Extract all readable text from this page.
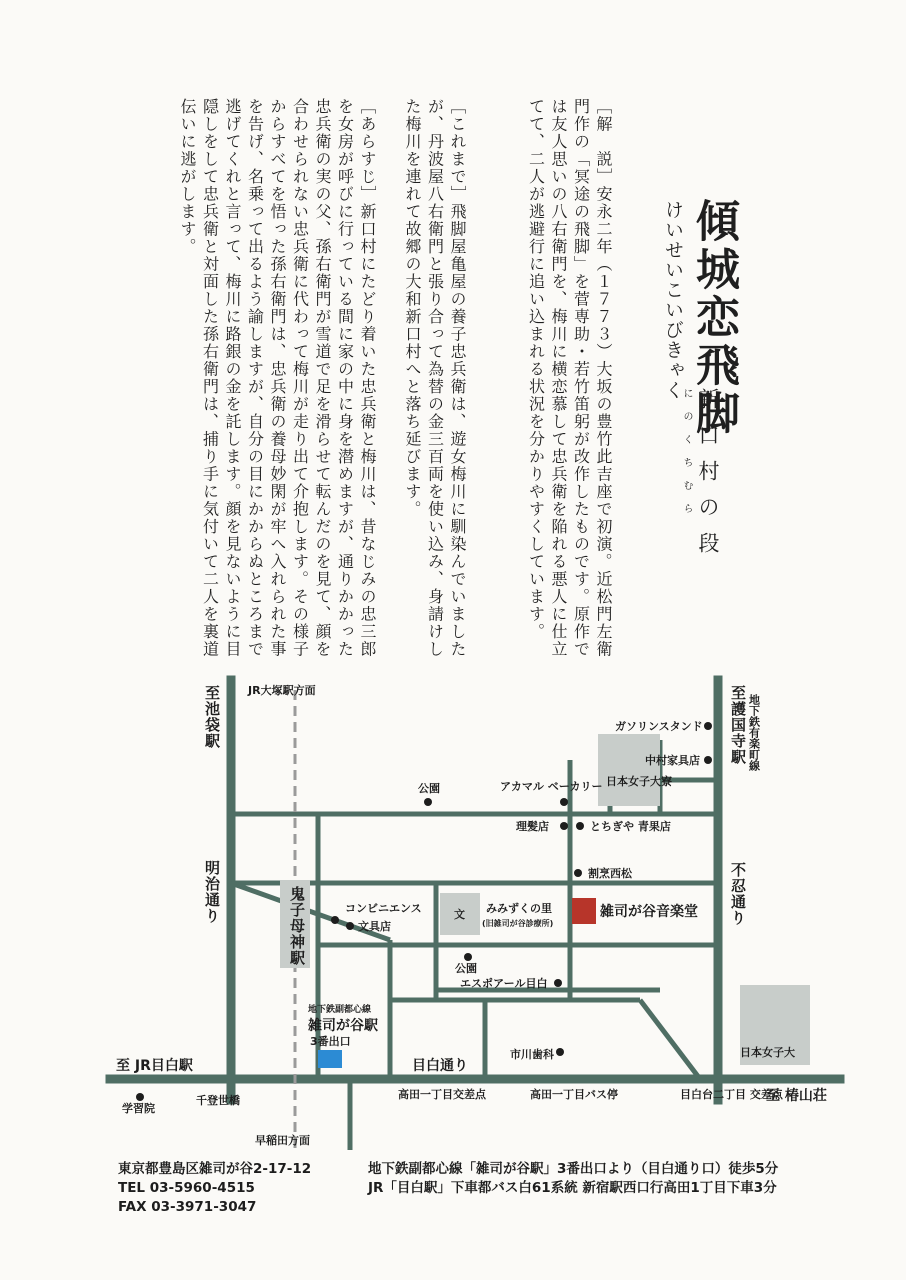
けいせいこいびきゃく 傾城恋飛脚
新口村の段
にのくちむら
［解　説］安永二年（１７７３）大坂の豊竹此吉座で初演。近松門左衛門作の「冥途の飛脚」を菅専助・若竹笛躬が改作したものです。原作では友人思いの八右衛門を、梅川に横恋慕して忠兵衛を陥れる悪人に仕立てて、二人が逃避行に追い込まれる状況を分かりやすくしています。
［これまで］飛脚屋亀屋の養子忠兵衛は、遊女梅川に馴染んでいましたが、丹波屋八右衛門と張り合って為替の金三百両を使い込み、身請けした梅川を連れて故郷の大和新口村へと落ち延びます。
［あらすじ］新口村にたどり着いた忠兵衛と梅川は、昔なじみの忠三郎を女房が呼びに行っている間に家の中に身を潜めますが、通りかかった忠兵衛の実の父、孫右衛門が雪道で足を滑らせて転んだのを見て、顔を合わせられない忠兵衛に代わって梅川が走り出て介抱します。その様子からすべてを悟った孫右衛門は、忠兵衛の養母妙閑が牢へ入れられた事を告げ、名乗って出るよう諭しますが、自分の目にかからぬところまで逃げてくれと言って、梅川に路銀の金を託します。顔を見ないように目隠しをして忠兵衛と対面した孫右衛門は、捕り手に気付いて二人を裏道伝いに逃がします。
JR大塚駅方面
至池袋駅	至護国寺駅 地下鉄有楽町線
ガソリンスタンド
中村家具店
公園	アカマル ベーカリー 日本女子大寮
理髪店	とちぎや 青果店
割烹西松
明治通り	不忍通り
鬼子母神駅	コンビニエンス
文具店
文 みみずくの里
(旧雑司が谷診療所)
雑司が谷音楽堂
公園
エスポアール目白
地下鉄副都心線
雑司が谷駅
3番出口
市川歯科
目白通り
日本女子大
至 JR目白駅
至 椿山荘
学習院
千登世橋	高田一丁目交差点	高田一丁目バス停	目白台二丁目 交差点
早稲田方面
東京都豊島区雑司が谷2-17-12
TEL 03-5960-4515
FAX 03-3971-3047
地下鉄副都心線「雑司が谷駅」3番出口より（目白通り口）徒歩5分
JR「目白駅」下車都バス白61系統 新宿駅西口行高田1丁目下車3分
